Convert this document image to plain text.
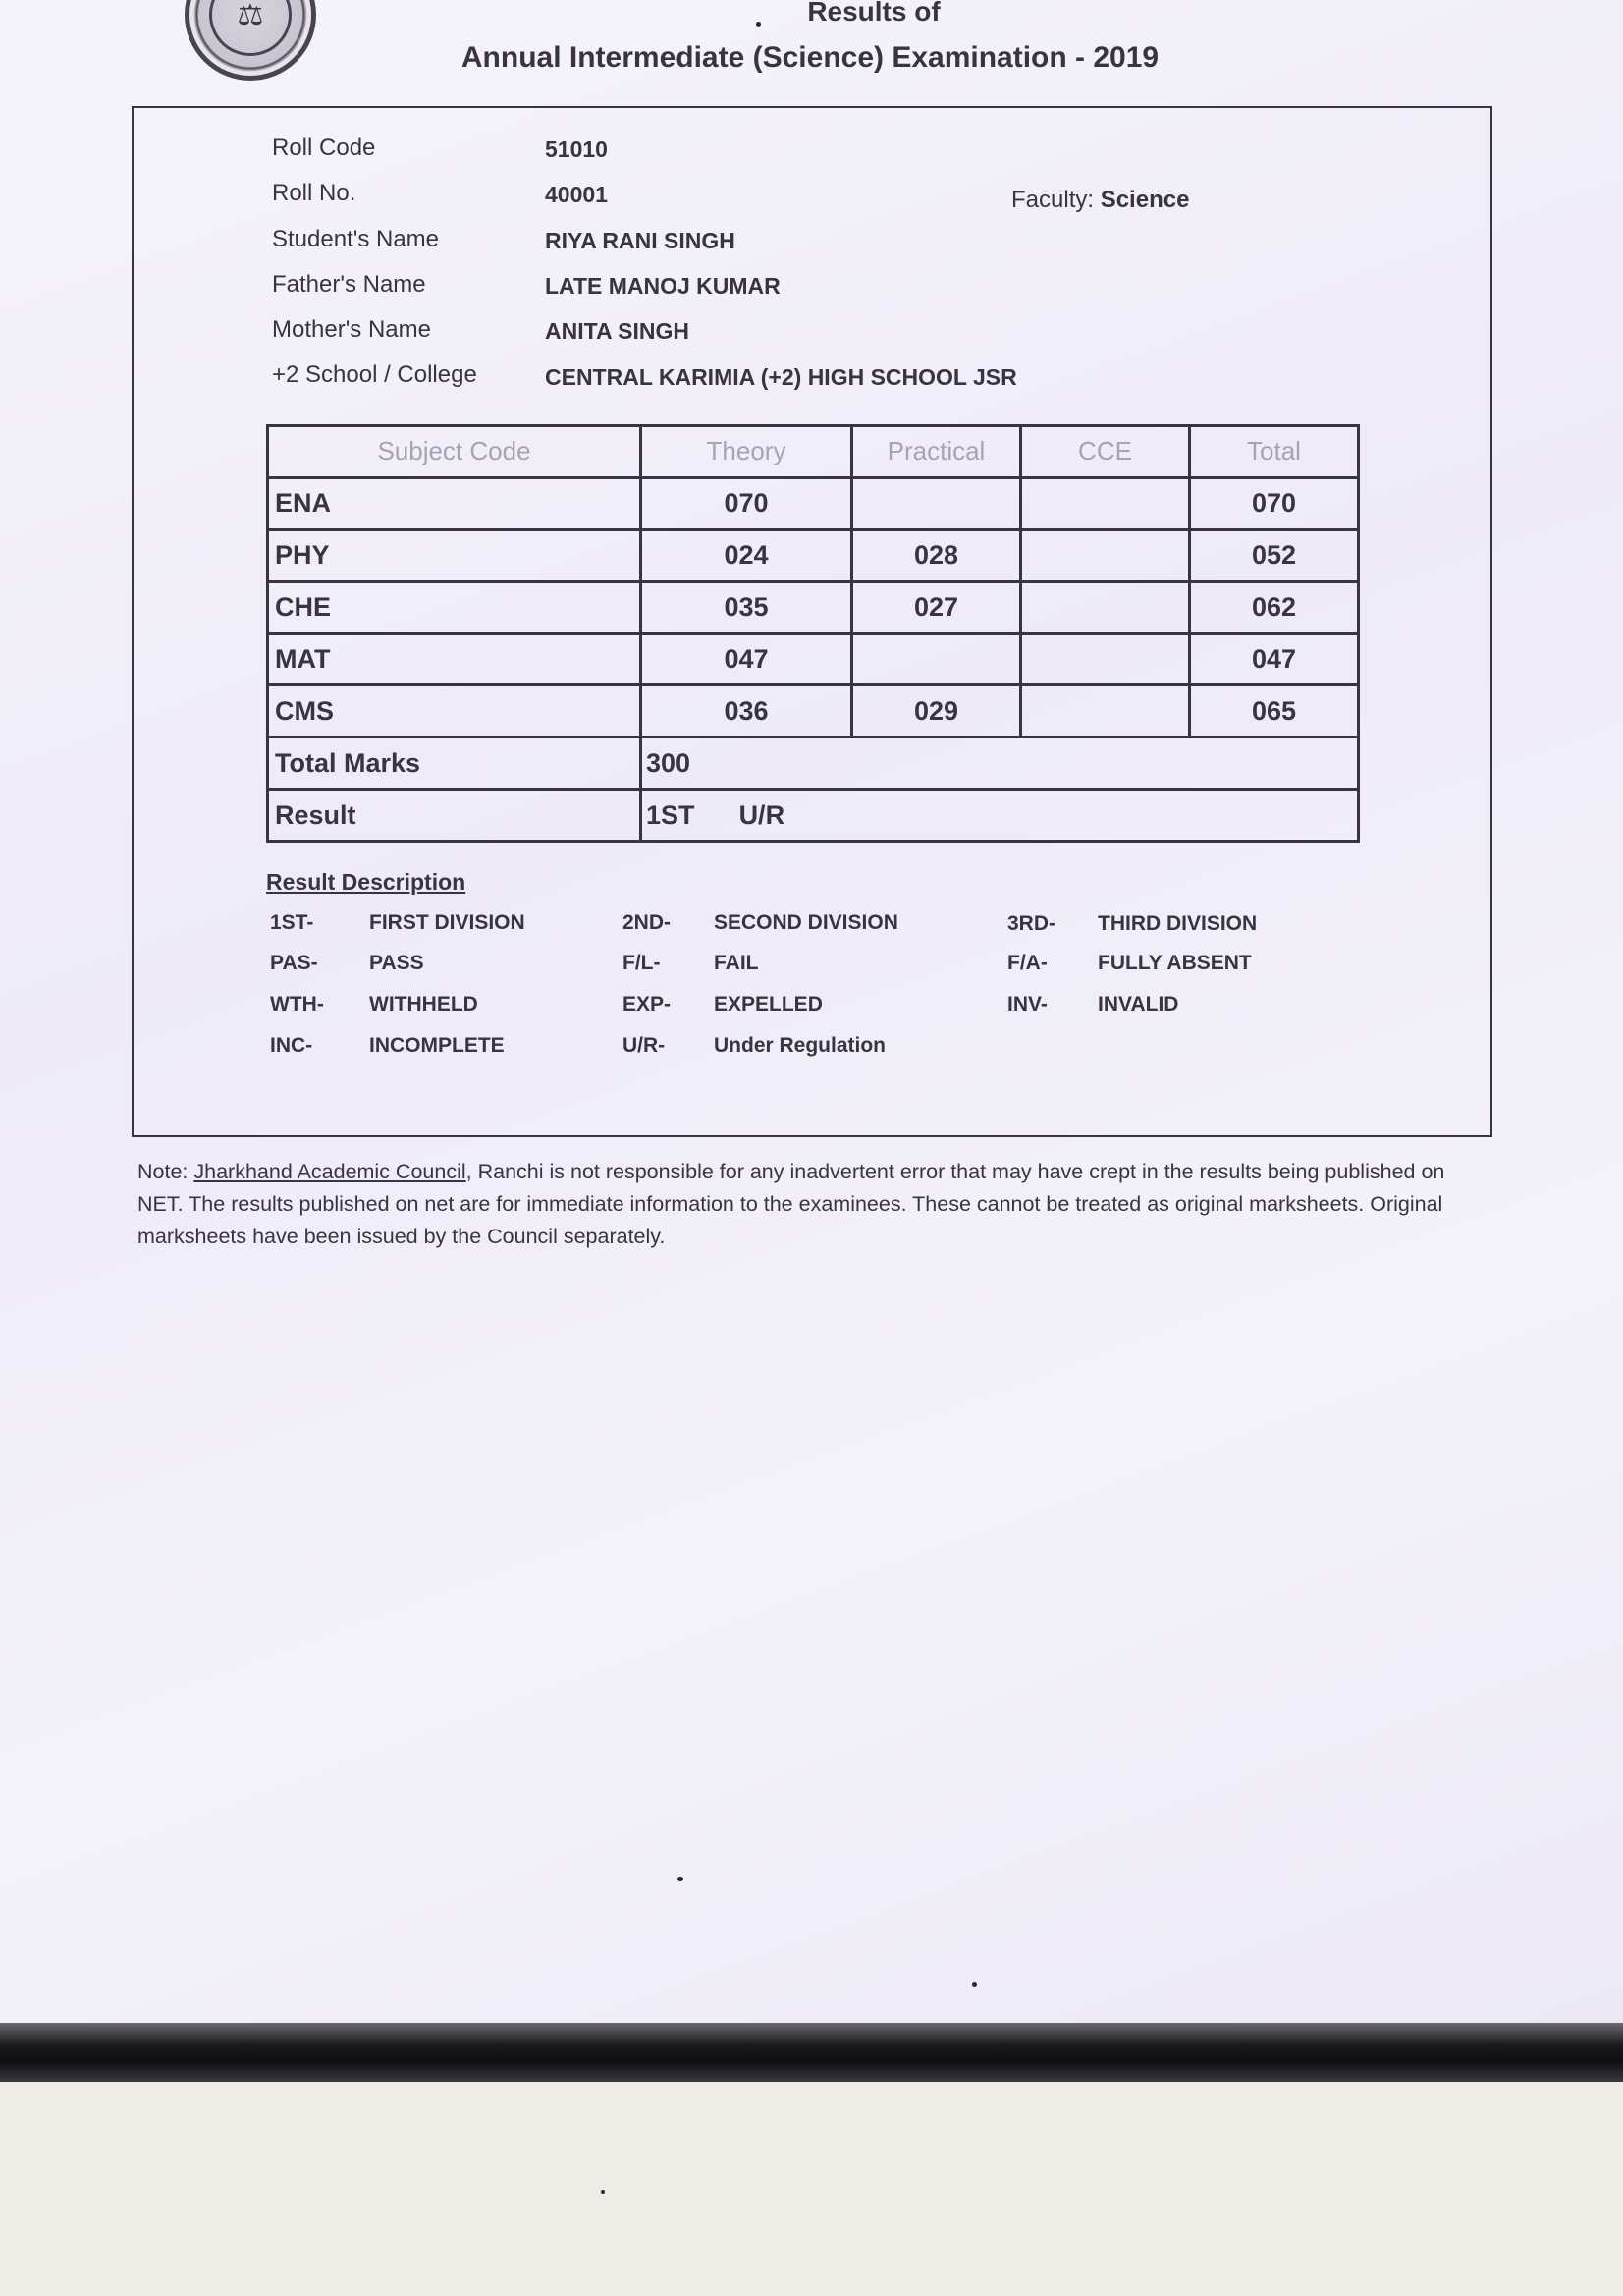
⚖	Results of
Annual Intermediate (Science) Examination - 2019
Roll Code	51010
Roll No.	40001
Student's Name	RIYA RANI SINGH
Father's Name	LATE MANOJ KUMAR
Mother's Name	ANITA SINGH
+2 School / College	CENTRAL KARIMIA (+2) HIGH SCHOOL JSR
Faculty: Science
Subject Code	Theory	Practical	CCE	Total
ENA	070			070
PHY	024	028		052
CHE	035	027		062
MAT	047			047
CMS	036	029		065
Total Marks	300			
Result	1ST U/R			
Result Description
1ST-	FIRST DIVISION	2ND- SECOND DIVISION	3RD- THIRD DIVISION
PAS- PASS	F/L-	FAIL	F/A- FULLY ABSENT
WTH- WITHHELD	EXP- EXPELLED	INV- INVALID
INC-	INCOMPLETE	U/R- Under Regulation
Note: Jharkhand Academic Council, Ranchi is not responsible for any inadvertent error that may have crept in the results being published on NET. The results published on net are for immediate information to the examinees. These cannot be treated as original marksheets. Original marksheets have been issued by the Council separately.
